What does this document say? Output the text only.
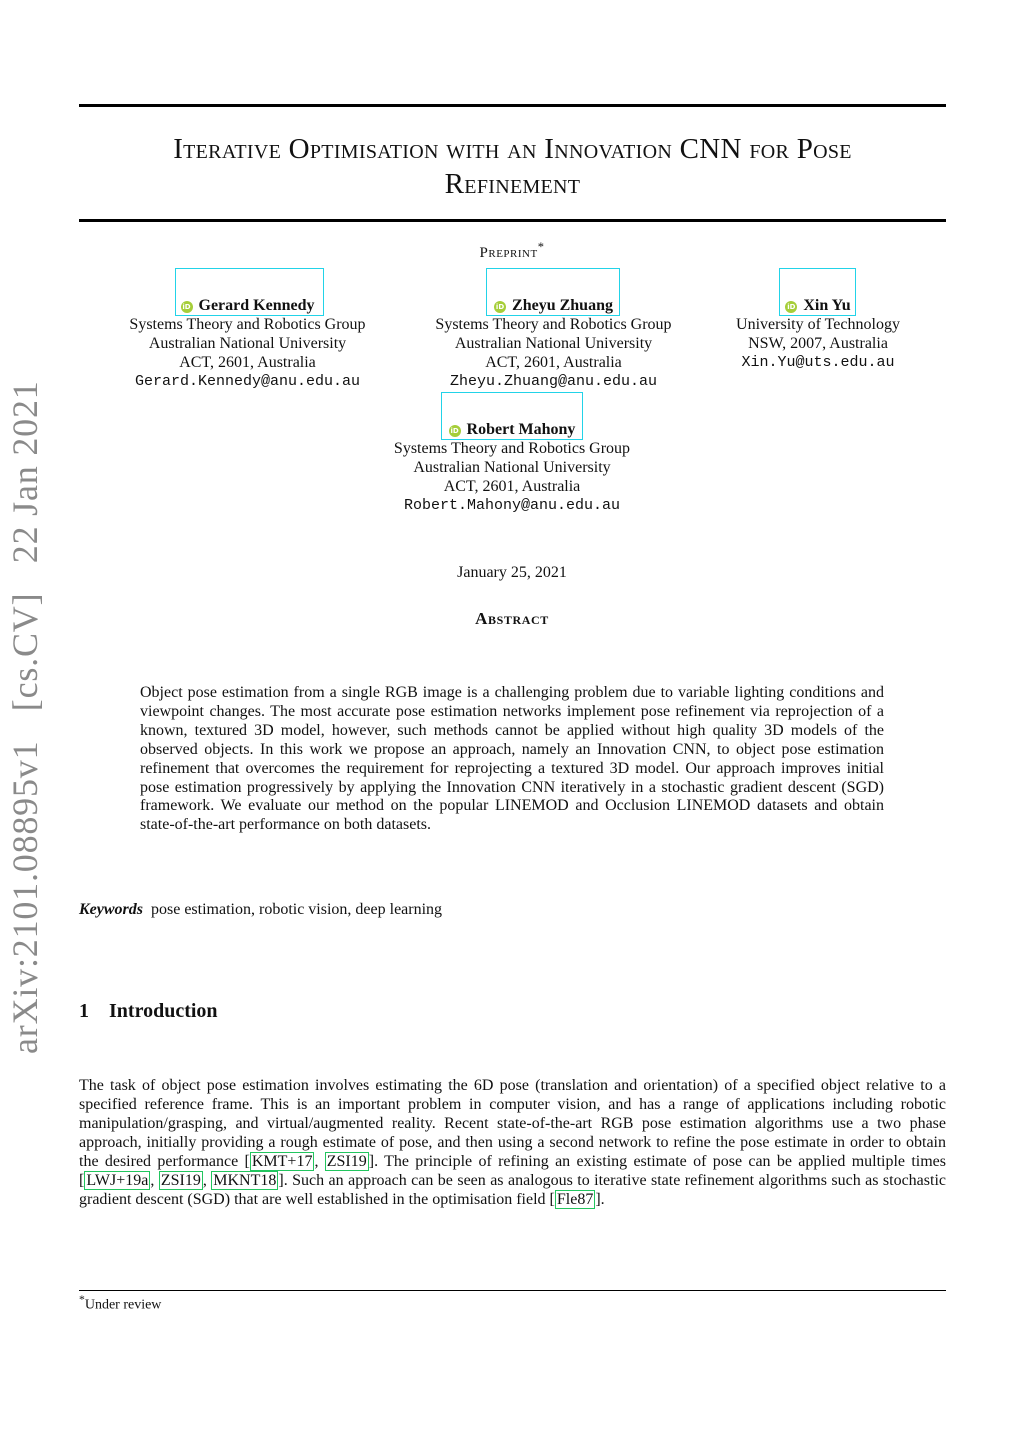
arXiv:2101.08895v1   [cs.CV]   22 Jan 2021
Iterative Optimisation with an Innovation CNN for Pose
Refinement
Preprint*
iD Gerard Kennedy
Systems Theory and Robotics Group
Australian National University
ACT, 2601, Australia
Gerard.Kennedy@anu.edu.au
iD Zheyu Zhuang
Systems Theory and Robotics Group
Australian National University
ACT, 2601, Australia
Zheyu.Zhuang@anu.edu.au
iD Xin Yu
University of Technology
NSW, 2007, Australia
Xin.Yu@uts.edu.au
iD Robert Mahony
Systems Theory and Robotics Group
Australian National University
ACT, 2601, Australia
Robert.Mahony@anu.edu.au
January 25, 2021
Abstract
Object pose estimation from a single RGB image is a challenging problem due to variable lighting conditions and viewpoint changes. The most accurate pose estimation networks implement pose refinement via reprojection of a known, textured 3D model, however, such methods cannot be applied without high quality 3D models of the observed objects. In this work we propose an approach, namely an Innovation CNN, to object pose estimation refinement that overcomes the requirement for reprojecting a textured 3D model. Our approach improves initial pose estimation progressively by applying the Innovation CNN iteratively in a stochastic gradient descent (SGD) framework. We evaluate our method on the popular LINEMOD and Occlusion LINEMOD datasets and obtain state-of-the-art performance on both datasets.
Keywords pose estimation, robotic vision, deep learning
1 Introduction
The task of object pose estimation involves estimating the 6D pose (translation and orientation) of a specified object relative to a specified reference frame. This is an important problem in computer vision, and has a range of applications including robotic manipulation/grasping, and virtual/augmented reality. Recent state-of-the-art RGB pose estimation algorithms use a two phase approach, initially providing a rough estimate of pose, and then using a second network to refine the pose estimate in order to obtain the desired performance [ KMT+17 , ZSI19 ]. The principle of refining an existing estimate of pose can be applied multiple times [ LWJ+19a , ZSI19 , MKNT18 ]. Such an approach can be seen as analogous to iterative state refinement algorithms such as stochastic gradient descent (SGD) that are well established in the optimisation field [ Fle87 ].
*Under review
